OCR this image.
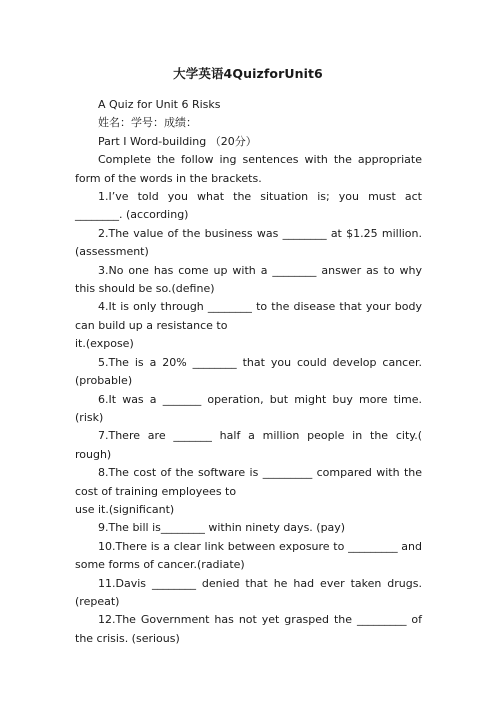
大学英语4QuizforUnit6

A Quiz for Unit 6 Risks

姓名：学号：成绩：

Part I Word-building （20分）

Complete the follow ing sentences with the appropriate form of the words in the brackets.

1.I’ve told you what the situation is; you must act ________. (according)

2.The value of the business was ________ at $1.25 million. (assessment)

3.No one has come up with a ________ answer as to why this should be so.(define)

4.It is only through ________ to the disease that your body can build up a resistance to

it.(expose)

5.The is a 20% ________ that you could develop cancer. (probable)

6.It was a _______ operation, but might buy more time.(risk)

7.There are _______ half a million people in the city.( rough)

8.The cost of the software is _________ compared with the cost of training employees to

use it.(significant)

9.The bill is________ within ninety days. (pay)

10.There is a clear link between exposure to _________ and some forms of cancer.(radiate)

11.Davis ________ denied that he had ever taken drugs.(repeat)

12.The Government has not yet grasped the _________ of the crisis. (serious)
